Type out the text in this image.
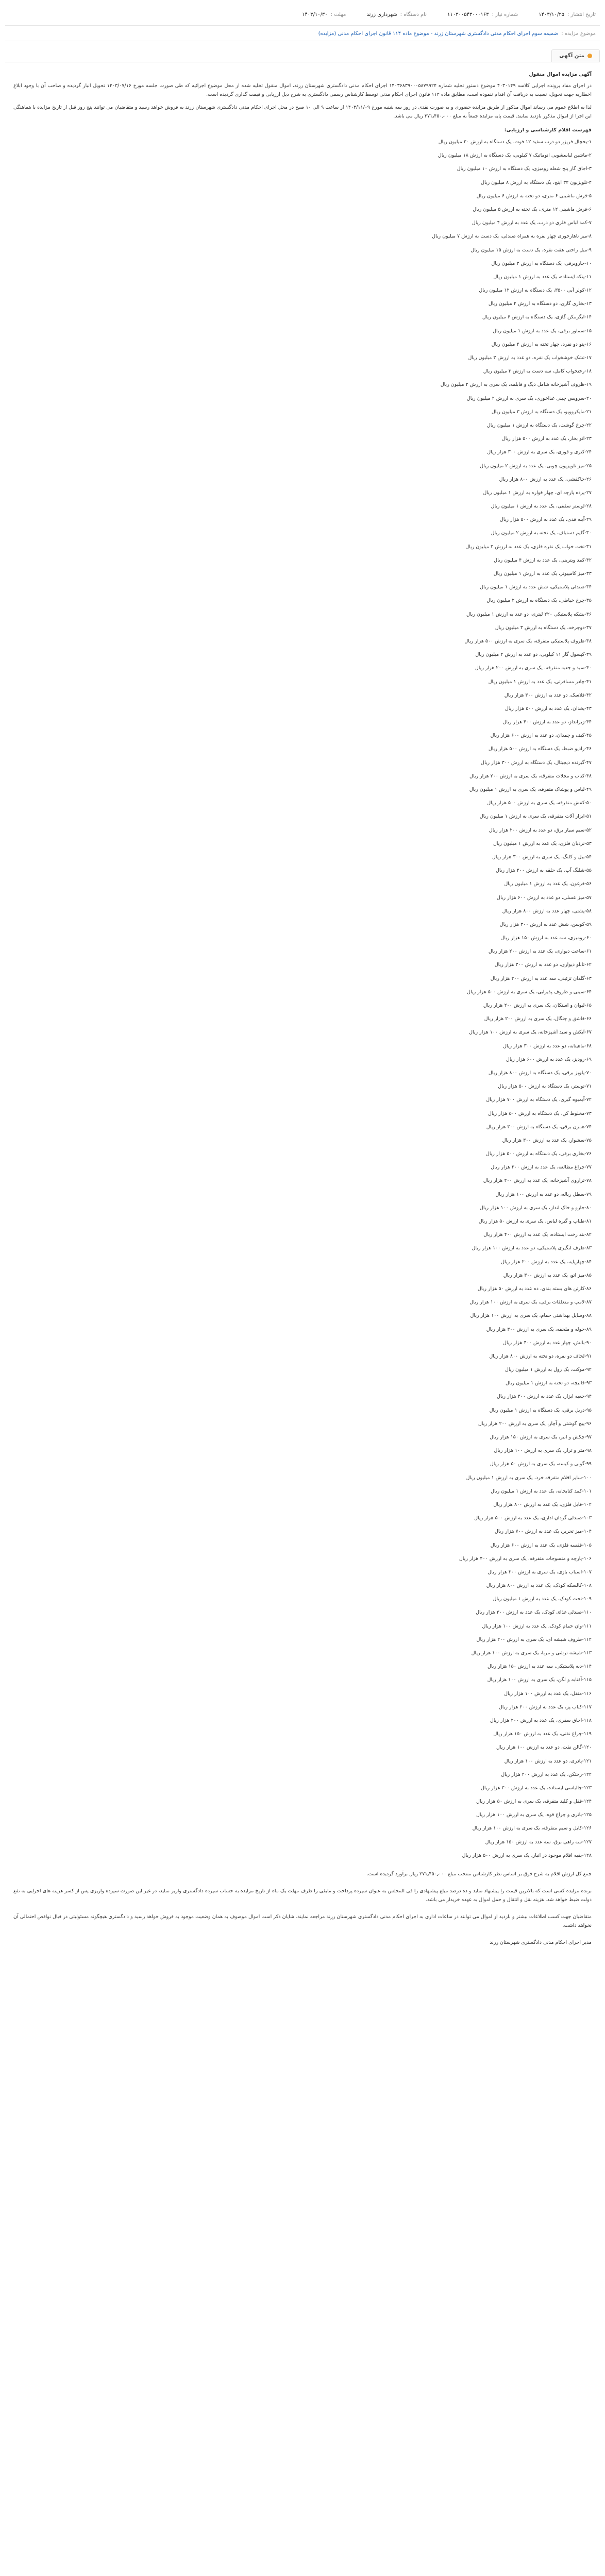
تاریخ انتشار :
۱۴۰۳/۱۰/۲۵
شماره نیاز :
۱۱۰۳۰۰۵۴۳۰۰۰۱۶۳
نام دستگاه :
شهرداری زرند
مهلت :
۱۴۰۳/۱۰/۳۰
موضوع مزایده :
ضمیمه سوم اجرای احکام مدنی دادگستری شهرستان زرند - موضوع ماده ۱۱۴ قانون اجرای احکام مدنی (مزایده)
متن آگهی
آگهی مزایده اموال منقول
در اجرای مفاد پرونده اجرایی کلاسه ۴۰۳۰۱۴۹ موضوع دستور تخلیه شماره ۱۴۰۳۶۸۳۹۰۰۰۵۸۷۹۹۲۴ اجرای احکام مدنی دادگستری شهرستان زرند، اموال منقول تخلیه شده از محل موضوع اجرائیه که طی صورت جلسه مورخ ۱۴۰۳/۰۷/۱۶ تحویل انبار گردیده و صاحب آن با وجود ابلاغ اخطاریه جهت تحویل، نسبت به دریافت آن اقدام ننموده است، مطابق ماده ۱۱۴ قانون اجرای احکام مدنی توسط کارشناس رسمی دادگستری به شرح ذیل ارزیابی و قیمت گذاری گردیده است.
لذا به اطلاع عموم می رساند اموال مذکور از طریق مزایده حضوری و به صورت نقدی در روز سه شنبه مورخ ۱۴۰۳/۱۱/۰۹ از ساعت ۹ الی ۱۰ صبح در محل اجرای احکام مدنی دادگستری شهرستان زرند به فروش خواهد رسید و متقاضیان می توانند پنج روز قبل از تاریخ مزایده با هماهنگی این اجرا از اموال مذکور بازدید نمایند. قیمت پایه مزایده جمعاً به مبلغ ۲۷۱٫۴۵۰٫۰۰۰ ریال می باشد.
فهرست اقلام کارشناسی و ارزیابی:
۱-یخچال فریزر دو درب سفید ۱۲ فوت، یک دستگاه به ارزش ۲۰ میلیون ریال
۲-ماشین لباسشویی اتوماتیک ۷ کیلویی، یک دستگاه به ارزش ۱۸ میلیون ریال
۳-اجاق گاز پنج شعله رومیزی، یک دستگاه به ارزش ۱۰ میلیون ریال
۴-تلویزیون ۳۲ اینچ، یک دستگاه به ارزش ۸ میلیون ریال
۵-فرش ماشینی ۶ متری، دو تخته به ارزش ۶ میلیون ریال
۶-فرش ماشینی ۱۲ متری، یک تخته به ارزش ۵ میلیون ریال
۷-کمد لباس فلزی دو درب، یک عدد به ارزش ۴ میلیون ریال
۸-میز ناهارخوری چهار نفره به همراه صندلی، یک دست به ارزش ۷ میلیون ریال
۹-مبل راحتی هفت نفره، یک دست به ارزش ۱۵ میلیون ریال
۱۰-جاروبرقی، یک دستگاه به ارزش ۳ میلیون ریال
۱۱-پنکه ایستاده، یک عدد به ارزش ۱ میلیون ریال
۱۲-کولر آبی ۳۵۰۰، یک دستگاه به ارزش ۱۲ میلیون ریال
۱۳-بخاری گازی، دو دستگاه به ارزش ۴ میلیون ریال
۱۴-آبگرمکن گازی، یک دستگاه به ارزش ۶ میلیون ریال
۱۵-سماور برقی، یک عدد به ارزش ۱ میلیون ریال
۱۶-پتو دو نفره، چهار تخته به ارزش ۲ میلیون ریال
۱۷-تشک خوشخواب یک نفره، دو عدد به ارزش ۳ میلیون ریال
۱۸-رختخواب کامل، سه دست به ارزش ۳ میلیون ریال
۱۹-ظروف آشپزخانه شامل دیگ و قابلمه، یک سری به ارزش ۲ میلیون ریال
۲۰-سرویس چینی غذاخوری، یک سری به ارزش ۲ میلیون ریال
۲۱-مایکروویو، یک دستگاه به ارزش ۳ میلیون ریال
۲۲-چرخ گوشت، یک دستگاه به ارزش ۱ میلیون ریال
۲۳-اتو بخار، یک عدد به ارزش ۵۰۰ هزار ریال
۲۴-کتری و قوری، یک سری به ارزش ۳۰۰ هزار ریال
۲۵-میز تلویزیون چوبی، یک عدد به ارزش ۲ میلیون ریال
۲۶-جاکفشی، یک عدد به ارزش ۸۰۰ هزار ریال
۲۷-پرده پارچه ای، چهار قواره به ارزش ۱ میلیون ریال
۲۸-لوستر سقفی، یک عدد به ارزش ۱ میلیون ریال
۲۹-آینه قدی، یک عدد به ارزش ۵۰۰ هزار ریال
۳۰-گلیم دستباف، یک تخته به ارزش ۲ میلیون ریال
۳۱-تخت خواب یک نفره فلزی، یک عدد به ارزش ۳ میلیون ریال
۳۲-کمد ویترینی، یک عدد به ارزش ۴ میلیون ریال
۳۳-میز کامپیوتر، یک عدد به ارزش ۱ میلیون ریال
۳۴-صندلی پلاستیکی، شش عدد به ارزش ۱ میلیون ریال
۳۵-چرخ خیاطی، یک دستگاه به ارزش ۲ میلیون ریال
۳۶-بشکه پلاستیکی ۲۲۰ لیتری، دو عدد به ارزش ۱ میلیون ریال
۳۷-دوچرخه، یک دستگاه به ارزش ۳ میلیون ریال
۳۸-ظروف پلاستیکی متفرقه، یک سری به ارزش ۵۰۰ هزار ریال
۳۹-کپسول گاز ۱۱ کیلویی، دو عدد به ارزش ۲ میلیون ریال
۴۰-سبد و جعبه متفرقه، یک سری به ارزش ۲۰۰ هزار ریال
۴۱-چادر مسافرتی، یک عدد به ارزش ۱ میلیون ریال
۴۲-فلاسک، دو عدد به ارزش ۳۰۰ هزار ریال
۴۳-یخدان، یک عدد به ارزش ۵۰۰ هزار ریال
۴۴-زیرانداز، دو عدد به ارزش ۴۰۰ هزار ریال
۴۵-کیف و چمدان، دو عدد به ارزش ۶۰۰ هزار ریال
۴۶-رادیو ضبط، یک دستگاه به ارزش ۵۰۰ هزار ریال
۴۷-گیرنده دیجیتال، یک دستگاه به ارزش ۳۰۰ هزار ریال
۴۸-کتاب و مجلات متفرقه، یک سری به ارزش ۲۰۰ هزار ریال
۴۹-لباس و پوشاک متفرقه، یک سری به ارزش ۱ میلیون ریال
۵۰-کفش متفرقه، یک سری به ارزش ۵۰۰ هزار ریال
۵۱-ابزار آلات متفرقه، یک سری به ارزش ۱ میلیون ریال
۵۲-سیم سیار برق، دو عدد به ارزش ۲۰۰ هزار ریال
۵۳-نردبان فلزی، یک عدد به ارزش ۱ میلیون ریال
۵۴-بیل و کلنگ، یک سری به ارزش ۳۰۰ هزار ریال
۵۵-شلنگ آب، یک حلقه به ارزش ۲۰۰ هزار ریال
۵۶-فرغون، یک عدد به ارزش ۱ میلیون ریال
۵۷-میز عسلی، دو عدد به ارزش ۶۰۰ هزار ریال
۵۸-پشتی، چهار عدد به ارزش ۸۰۰ هزار ریال
۵۹-کوسن، شش عدد به ارزش ۳۰۰ هزار ریال
۶۰-رومیزی، سه عدد به ارزش ۱۵۰ هزار ریال
۶۱-ساعت دیواری، یک عدد به ارزش ۲۰۰ هزار ریال
۶۲-تابلو دیواری، دو عدد به ارزش ۳۰۰ هزار ریال
۶۳-گلدان تزئینی، سه عدد به ارزش ۲۰۰ هزار ریال
۶۴-سینی و ظروف پذیرایی، یک سری به ارزش ۵۰۰ هزار ریال
۶۵-لیوان و استکان، یک سری به ارزش ۲۰۰ هزار ریال
۶۶-قاشق و چنگال، یک سری به ارزش ۲۰۰ هزار ریال
۶۷-آبکش و سبد آشپزخانه، یک سری به ارزش ۱۰۰ هزار ریال
۶۸-ماهیتابه، دو عدد به ارزش ۳۰۰ هزار ریال
۶۹-زودپز، یک عدد به ارزش ۶۰۰ هزار ریال
۷۰-پلوپز برقی، یک دستگاه به ارزش ۸۰۰ هزار ریال
۷۱-توستر، یک دستگاه به ارزش ۵۰۰ هزار ریال
۷۲-آبمیوه گیری، یک دستگاه به ارزش ۷۰۰ هزار ریال
۷۳-مخلوط کن، یک دستگاه به ارزش ۵۰۰ هزار ریال
۷۴-همزن برقی، یک دستگاه به ارزش ۳۰۰ هزار ریال
۷۵-سشوار، یک عدد به ارزش ۳۰۰ هزار ریال
۷۶-بخاری برقی، یک دستگاه به ارزش ۵۰۰ هزار ریال
۷۷-چراغ مطالعه، یک عدد به ارزش ۲۰۰ هزار ریال
۷۸-ترازوی آشپزخانه، یک عدد به ارزش ۲۰۰ هزار ریال
۷۹-سطل زباله، دو عدد به ارزش ۱۰۰ هزار ریال
۸۰-جارو و خاک انداز، یک سری به ارزش ۱۰۰ هزار ریال
۸۱-طناب و گیره لباس، یک سری به ارزش ۵۰ هزار ریال
۸۲-بند رخت ایستاده، یک عدد به ارزش ۴۰۰ هزار ریال
۸۳-ظرف آبگیری پلاستیکی، دو عدد به ارزش ۱۰۰ هزار ریال
۸۴-چهارپایه، یک عدد به ارزش ۲۰۰ هزار ریال
۸۵-میز اتو، یک عدد به ارزش ۳۰۰ هزار ریال
۸۶-کارتن های بسته بندی، ده عدد به ارزش ۵۰ هزار ریال
۸۷-لامپ و متعلقات برقی، یک سری به ارزش ۱۰۰ هزار ریال
۸۸-وسایل بهداشتی حمام، یک سری به ارزش ۱۰۰ هزار ریال
۸۹-حوله و ملحفه، یک سری به ارزش ۳۰۰ هزار ریال
۹۰-بالش، چهار عدد به ارزش ۴۰۰ هزار ریال
۹۱-لحاف دو نفره، دو تخته به ارزش ۸۰۰ هزار ریال
۹۲-موکت، یک رول به ارزش ۱ میلیون ریال
۹۳-قالیچه، دو تخته به ارزش ۱ میلیون ریال
۹۴-جعبه ابزار، یک عدد به ارزش ۳۰۰ هزار ریال
۹۵-دریل برقی، یک دستگاه به ارزش ۱ میلیون ریال
۹۶-پیچ گوشتی و آچار، یک سری به ارزش ۲۰۰ هزار ریال
۹۷-چکش و انبر، یک سری به ارزش ۱۵۰ هزار ریال
۹۸-متر و تراز، یک سری به ارزش ۱۰۰ هزار ریال
۹۹-گونی و کیسه، یک سری به ارزش ۵۰ هزار ریال
۱۰۰-سایر اقلام متفرقه خرد، یک سری به ارزش ۱ میلیون ریال
۱۰۱-کمد کتابخانه، یک عدد به ارزش ۱ میلیون ریال
۱۰۲-فایل فلزی، یک عدد به ارزش ۸۰۰ هزار ریال
۱۰۳-صندلی گردان اداری، یک عدد به ارزش ۵۰۰ هزار ریال
۱۰۴-میز تحریر، یک عدد به ارزش ۷۰۰ هزار ریال
۱۰۵-قفسه فلزی، یک عدد به ارزش ۶۰۰ هزار ریال
۱۰۶-پارچه و منسوجات متفرقه، یک سری به ارزش ۴۰۰ هزار ریال
۱۰۷-اسباب بازی، یک سری به ارزش ۳۰۰ هزار ریال
۱۰۸-کالسکه کودک، یک عدد به ارزش ۸۰۰ هزار ریال
۱۰۹-تخت کودک، یک عدد به ارزش ۱ میلیون ریال
۱۱۰-صندلی غذای کودک، یک عدد به ارزش ۳۰۰ هزار ریال
۱۱۱-وان حمام کودک، یک عدد به ارزش ۱۰۰ هزار ریال
۱۱۲-ظروف شیشه ای، یک سری به ارزش ۲۰۰ هزار ریال
۱۱۳-شیشه ترشی و مربا، یک سری به ارزش ۱۰۰ هزار ریال
۱۱۴-دبه پلاستیکی، سه عدد به ارزش ۱۵۰ هزار ریال
۱۱۵-آفتابه و لگن، یک سری به ارزش ۱۰۰ هزار ریال
۱۱۶-منقل، یک عدد به ارزش ۱۰۰ هزار ریال
۱۱۷-کباب پز، یک عدد به ارزش ۲۰۰ هزار ریال
۱۱۸-اجاق سفری، یک عدد به ارزش ۲۰۰ هزار ریال
۱۱۹-چراغ نفتی، یک عدد به ارزش ۱۵۰ هزار ریال
۱۲۰-گالن نفت، دو عدد به ارزش ۱۰۰ هزار ریال
۱۲۱-پادری، دو عدد به ارزش ۱۰۰ هزار ریال
۱۲۲-رختکن، یک عدد به ارزش ۲۰۰ هزار ریال
۱۲۳-جالباسی ایستاده، یک عدد به ارزش ۳۰۰ هزار ریال
۱۲۴-قفل و کلید متفرقه، یک سری به ارزش ۵۰ هزار ریال
۱۲۵-باتری و چراغ قوه، یک سری به ارزش ۱۰۰ هزار ریال
۱۲۶-کابل و سیم متفرقه، یک سری به ارزش ۱۰۰ هزار ریال
۱۲۷-سه راهی برق، سه عدد به ارزش ۱۵۰ هزار ریال
۱۲۸-بقیه اقلام موجود در انبار، یک سری به ارزش ۵۰۰ هزار ریال
جمع کل ارزش اقلام به شرح فوق بر اساس نظر کارشناس منتخب مبلغ ۲۷۱٫۴۵۰٫۰۰۰ ریال برآورد گردیده است.
برنده مزایده کسی است که بالاترین قیمت را پیشنهاد نماید و ده درصد مبلغ پیشنهادی را فی المجلس به عنوان سپرده پرداخت و مابقی را ظرف مهلت یک ماه از تاریخ مزایده به حساب سپرده دادگستری واریز نماید، در غیر این صورت سپرده واریزی پس از کسر هزینه های اجرایی به نفع دولت ضبط خواهد شد. هزینه نقل و انتقال و حمل اموال به عهده خریدار می باشد.
متقاضیان جهت کسب اطلاعات بیشتر و بازدید از اموال می توانند در ساعات اداری به اجرای احکام مدنی دادگستری شهرستان زرند مراجعه نمایند. شایان ذکر است اموال موصوف به همان وضعیت موجود به فروش خواهد رسید و دادگستری هیچگونه مسئولیتی در قبال نواقص احتمالی آن نخواهد داشت.
مدیر اجرای احکام مدنی دادگستری شهرستان زرند
